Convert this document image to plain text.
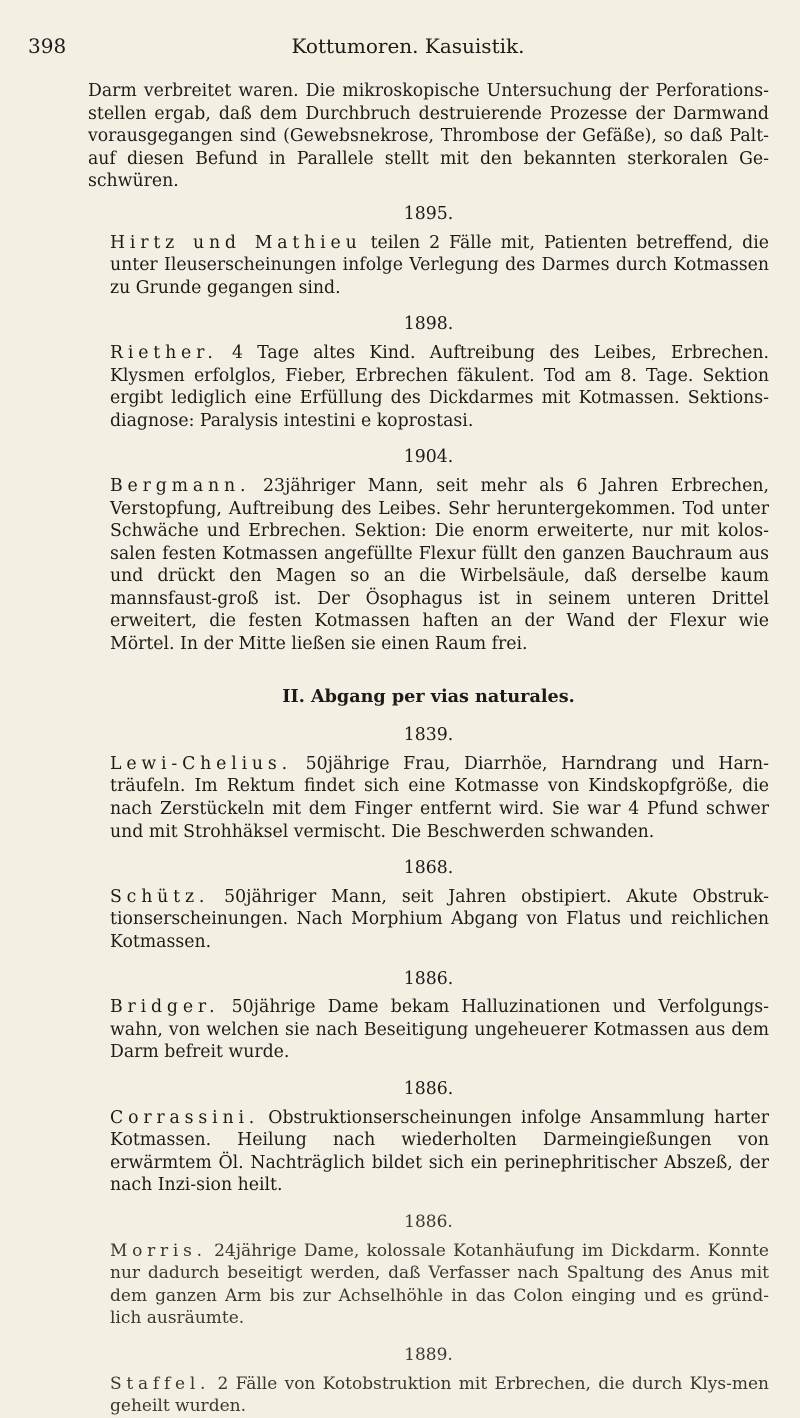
398	Kottumoren. Kasuistik.

Darm verbreitet waren. Die mikroskopische Untersuchung der Perforations-stellen ergab, daß dem Durchbruch destruierende Prozesse der Darmwand vorausgegangen sind (Gewebsnekrose, Thrombose der Gefäße), so daß Palt-auf diesen Befund in Parallele stellt mit den bekannten sterkoralen Ge-schwüren.

1895.

Hirtz und Mathieu teilen 2 Fälle mit, Patienten betreffend, die unter Ileuserscheinungen infolge Verlegung des Darmes durch Kotmassen zu Grunde gegangen sind.

1898.

Riether. 4 Tage altes Kind. Auftreibung des Leibes, Erbrechen. Klysmen erfolglos, Fieber, Erbrechen fäkulent. Tod am 8. Tage. Sektion ergibt lediglich eine Erfüllung des Dickdarmes mit Kotmassen. Sektions-diagnose: Paralysis intestini e koprostasi.

1904.

Bergmann. 23jähriger Mann, seit mehr als 6 Jahren Erbrechen, Verstopfung, Auftreibung des Leibes. Sehr heruntergekommen. Tod unter Schwäche und Erbrechen. Sektion: Die enorm erweiterte, nur mit kolos-salen festen Kotmassen angefüllte Flexur füllt den ganzen Bauchraum aus und drückt den Magen so an die Wirbelsäule, daß derselbe kaum mannsfaust-groß ist. Der Ösophagus ist in seinem unteren Drittel erweitert, die festen Kotmassen haften an der Wand der Flexur wie Mörtel. In der Mitte ließen sie einen Raum frei.

II. Abgang per vias naturales.
1839.

Lewi-Chelius. 50jährige Frau, Diarrhöe, Harndrang und Harn-träufeln. Im Rektum findet sich eine Kotmasse von Kindskopfgröße, die nach Zerstückeln mit dem Finger entfernt wird. Sie war 4 Pfund schwer und mit Strohhäksel vermischt. Die Beschwerden schwanden.

1868.

Schütz. 50jähriger Mann, seit Jahren obstipiert. Akute Obstruk-tionserscheinungen. Nach Morphium Abgang von Flatus und reichlichen Kotmassen.

1886.

Bridger. 50jährige Dame bekam Halluzinationen und Verfolgungs-wahn, von welchen sie nach Beseitigung ungeheuerer Kotmassen aus dem Darm befreit wurde.

1886.

Corrassini. Obstruktionserscheinungen infolge Ansammlung harter Kotmassen. Heilung nach wiederholten Darmeingießungen von erwärmtem Öl. Nachträglich bildet sich ein perinephritischer Abszeß, der nach Inzi-sion heilt.

1886.

Morris. 24jährige Dame, kolossale Kotanhäufung im Dickdarm. Konnte nur dadurch beseitigt werden, daß Verfasser nach Spaltung des Anus mit dem ganzen Arm bis zur Achselhöhle in das Colon einging und es gründ-lich ausräumte.

1889.

Staffel. 2 Fälle von Kotobstruktion mit Erbrechen, die durch Klys-men geheilt wurden.
